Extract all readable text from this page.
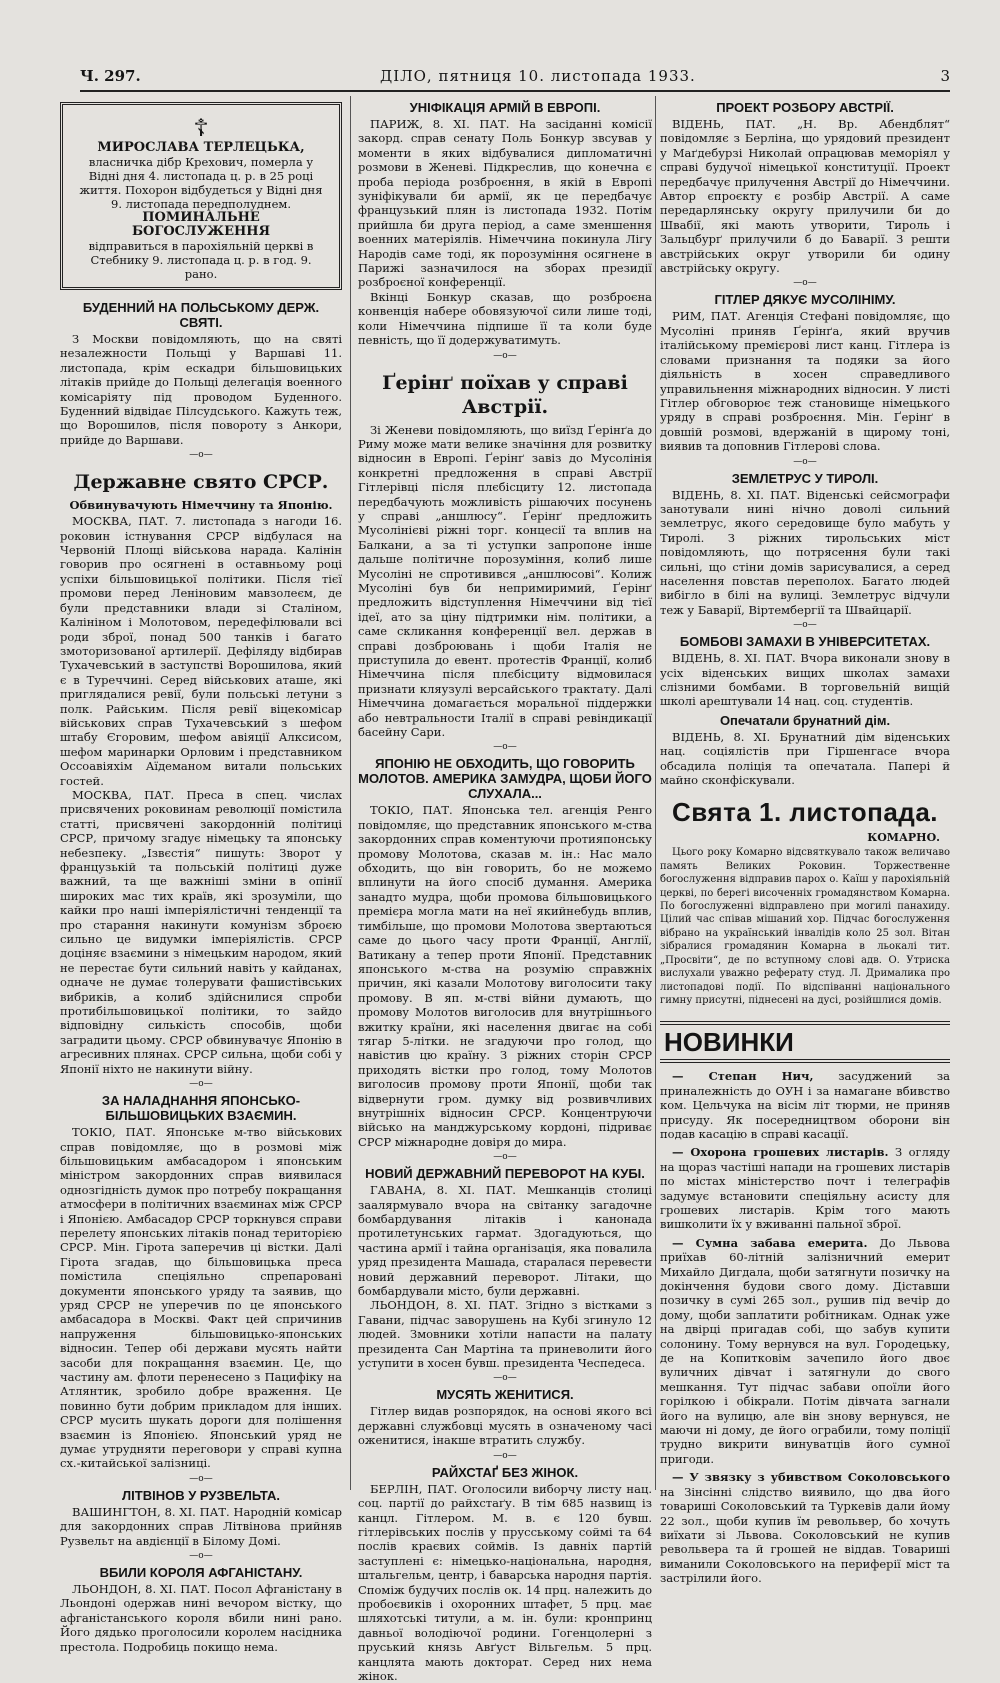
Ч. 297.	ДІЛО, пятниця 10. листопада 1933.	3
☦
МИРОСЛАВА ТЕРЛЕЦЬКА,
власничка дібр Крехович, померла у Відні дня 4. листопада ц. р. в 25 році життя. Похорон відбудеться у Відні дня 9. листопада передполуднем.
ПОМИНАЛЬНЕ БОГОСЛУЖЕННЯ
відправиться в парохіяльній церкві в Стебнику 9. листопада ц. р. в год. 9. рано.
БУДЕННИЙ НА ПОЛЬСЬКОМУ ДЕРЖ. СВЯТІ.

З Москви повідомляють, що на святі незалежности Польщі у Варшаві 11. листопада, крім ескадри більшовицьких літаків прийде до Польщі делегація военного комісаріяту під проводом Буденного. Буденний відвідає Пілсудського. Кажуть теж, що Ворошилов, після повороту з Анкори, прийде до Варшави.

—о—
Державне свято СРСР.
Обвинувачують Німеччину та Японію.

МОСКВА, ПАТ. 7. листопада з нагоди 16. роковин істнування СРСР відбулася на Червоній Площі військова нарада. Калінін говорив про осягнені в оставньому році успіхи більшовицької політики. Після тієї промови перед Леніновим мавзолеєм, де були представники влади зі Сталіном, Калініном і Молотовом, передефілювали всі роди зброї, понад 500 танків і багато змоторизованої артилерії. Дефіляду відбирав Тухачевський в заступстві Ворошилова, який є в Туреччині. Серед військових аташе, які приглядалися ревії, були польські летуни з полк. Райським. Після ревії віцекомісар військових справ Тухачевський з шефом штабу Єгоровим, шефом авіяції Алксисом, шефом маринарки Орловим і представником Оссоавіяхім Аїдеманом витали польських гостей.

МОСКВА, ПАТ. Преса в спец. числах присвячених роковинам революції помістила статті, присвячені закордонній політиці СРСР, причому згадує німецьку та японську небезпеку. „Ізвєстія“ пишуть: Зворот у французькій та польській політиці дуже важний, та ще важніші зміни в опінії широких мас тих країв, які зрозуміли, що кайки про наші імперіялістичні тенденції та про старання накинути комунізм зброєю сильно це видумки імперіялістів. СРСР доціняє взаємини з німецьким народом, який не перестає бути сильний навіть у кайданах, одначе не думає толерувати фашистівських вибриків, а колиб здійснилися спроби протибільшовицької політики, то зайдо відповідну силькість способів, щоби заградити цьому. СРСР обвинувачує Японію в агресивних плянах. СРСР сильна, щоби собі у Японії ніхто не накинути війну.

—о—
ЗА НАЛАДНАННЯ ЯПОНСЬКО-БІЛЬШОВИЦЬКИХ ВЗАЄМИН.

ТОКІО, ПАТ. Японське м-тво військових справ повідомляє, що в розмові між більшовицьким амбасадором і японським міністром закордонних справ виявилася однозгідність думок про потребу покращання атмосфери в політичних взаєминах між СРСР і Японією. Амбасадор СРСР торкнувся справи перелету японських літаків понад територією СРСР. Мін. Гірота заперечив ці вістки. Далі Гірота згадав, що більшовицька преса помістила спеціяльно спрепаровані документи японського уряду та заявив, що уряд СРСР не уперечив по це японського амбасадора в Москві. Факт цей спричинив напруження більшовицько-японських відносин. Тепер обі держави мусять найти засоби для покращання взаємин. Це, що частину ам. флоти перенесено з Пацифіку на Атлянтик, зробило добре враження. Це повинно бути добрим прикладом для інших. СРСР мусить шукать дороги для полішення взаємин із Японією. Японський уряд не думає утрудняти переговори у справі купна сх.-китайської залізниці.

—о—
ЛІТВІНОВ У РУЗВЕЛЬТА.

ВАШИНГТОН, 8. XI. ПАТ. Народній комісар для закордонних справ Літвінова прийняв Рузвельт на авдієнції в Білому Домі.

—о—
ВБИЛИ КОРОЛЯ АФГАНІСТАНУ.

ЛЬОНДОН, 8. XI. ПАТ. Посол Афганістану в Льондоні одержав нині вечором вістку, що афганістанського короля вбили нині рано. Його дядько проголосили королем насідника престола. Подробиць покищо нема.

УНІФІКАЦІЯ АРМІЙ В ЕВРОПІ.

ПАРИЖ, 8. XI. ПАТ. На засіданні комісії закорд. справ сенату Поль Бонкур звсував у моменти в яких відбувалися дипломатичні розмови в Женеві. Підкреслив, що конечна є проба періода розброєння, в якій в Европі зуніфікували би армії, як це передбачує французький плян із листопада 1932. Потім прийшла би друга період, а саме зменшення военних матеріялів. Німеччина покинула Лігу Народів саме тоді, як порозуміння осягнене в Парижі зазначилося на зборах президії розброєної конференції.

Вкінці Бонкур сказав, що розброєна конвенція набере обовязуючої сили лише тоді, коли Німеччина підпише її та коли буде певність, що її додержуватимуть.

—о—
Ґерінґ поїхав у справі Австрії.

Зі Женеви повідомляють, що виїзд Ґерінґа до Риму може мати велике значіння для розвитку відносин в Европі. Ґерінґ завіз до Мусолінія конкретні предложення в справі Австрії Гітлерівці після плєбісциту 12. листопада передбачують можливість рішаючих посунень у справі „аншлюсу“. Ґерінґ предложить Мусолінієві ріжні торг. концесії та вплив на Балкани, а за ті уступки запропоне інше дальше політичне порозуміння, колиб лише Мусоліні не спротивився „аншлюсові“. Колиж Мусоліні був би непримиримий, Ґерінґ предложить відступлення Німеччини від тієї ідеї, ато за ціну підтримки нім. політики, а саме скликання конференції вел. держав в справі дозброювань і щоби Італія не приступила до евент. протестів Франції, колиб Німеччина після плєбісциту відмовилася признати кляузулі версайського трактату. Далі Німеччина домагається моральної піддержки або невтральности Італії в справі ревіндикації басейну Сари.

—о—
ЯПОНІЮ НЕ ОБХОДИТЬ, ЩО ГОВОРИТЬ МОЛОТОВ. АМЕРИКА ЗАМУДРА, ЩОБИ ЙОГО СЛУХАЛА...

ТОКІО, ПАТ. Японська тел. агенція Ренго повідомляє, що представник японського м-ства закордонних справ коментуючи протияпонську промову Молотова, сказав м. ін.: Нас мало обходить, що він говорить, бо не можемо вплинути на його спосіб думання. Америка занадто мудра, щоби промова більшовицького премієра могла мати на неї якийнебудь вплив, тимбільше, що промови Молотова звертаються саме до цього часу проти Франції, Англії, Ватикану а тепер проти Японії. Представник японського м-ства на розумію справжніх причин, які казали Молотову виголосити таку промову. В яп. м-стві війни думають, що промову Молотов виголосив для внутрішнього вжитку країни, які населення двигає на собі тягар 5-літки. не згадуючи про голод, що навістив цю країну. З ріжних сторін СРСР приходять вістки про голод, тому Молотов виголосив промову проти Японії, щоби так відвернути гром. думку від розвивчливих внутрішніх відносин СРСР. Концентруючи військо на манджурському кордоні, підриває СРСР міжнародне довіря до мира.

—о—
НОВИЙ ДЕРЖАВНИЙ ПЕРЕВОРОТ НА КУБІ.

ГАВАНА, 8. XI. ПАТ. Мешканців столиці заалярмувало вчора на світанку загадочне бомбардування літаків і канонада протилетунських гармат. Здогадуються, що частина армії і тайна організація, яка повалила уряд президента Машада, старалася перевести новий державний переворот. Літаки, що бомбардували місто, були державні.

ЛЬОНДОН, 8. XI. ПАТ. Згідно з вістками з Гавани, підчас заворушень на Кубі згинуло 12 людей. Змовники хотіли напасти на палату президента Сан Мартіна та приневолити його уступити в хосен бувш. президента Чеспедеса.

—о—
МУСЯТЬ ЖЕНИТИСЯ.

Гітлер видав розпорядок, на основі якого всі державні службовці мусять в означеному часі оженитися, інакше втратить службу.

—о—
РАЙХСТАҐ БЕЗ ЖІНОК.

БЕРЛІН, ПАТ. Оголосили виборчу листу нац. соц. партії до райхстаґу. В тім 685 назвищ із канцл. Гітлером. М. в. є 120 бувш. гітлерівських послів у прусському соймі та 64 послів краєвих соймів. Із давніх партій заступлені є: німецько-національна, народня, штальгельм, центр, і баварська народня партія. Споміж будучих послів ок. 14 прц. належить до пробоєвиків і охоронних штафет, 5 прц. має шляхотські титули, а м. ін. були: кронпринц давньої володіючої родини. Гогенцолерні з пруський князь Авґуст Вільгельм. 5 прц. канцлята мають докторат. Серед них нема жінок.

ПРОЕКТ РОЗБОРУ АВСТРІЇ.

ВІДЕНЬ, ПАТ. „Н. Вр. Абендблят“ повідомляє з Берліна, що урядовий президент у Маґдебурзі Николай опрацював меморіял у справі будучої німецької конституції. Проект передбачує прилучення Австрії до Німеччини. Автор єпроєкту є розбір Австрії. А саме передарлянську округу прилучили би до Швабії, які мають утворити, Тироль і Зальцбурґ прилучили б до Баварії. З решти австрійських округ утворили би одину австрійську округу.

—о—
ГІТЛЕР ДЯКУЄ МУСОЛІНІМУ.

РИМ, ПАТ. Агенція Стефані повідомляє, що Мусоліні приняв Ґерінґа, який вручив італійському премієрові лист канц. Гітлера із словами признання та подяки за його діяльність в хосен справедливого управильнення міжнародних відносин. У листі Гітлер обговорює теж становище німецького уряду в справі розброєння. Мін. Ґерінґ в довшій розмові, вдержаній в щирому тоні, виявив та доповнив Гітлерові слова.

—о—
ЗЕМЛЕТРУС У ТИРОЛІ.

ВІДЕНЬ, 8. XI. ПАТ. Віденські сейсмографи занотували нині нічно доволі сильний землетрус, якого середовище було мабуть у Тиролі. З ріжних тирольських міст повідомляють, що потрясення були такі сильні, що стіни домів зарисувалися, а серед населення повстав переполох. Багато людей вибігло в білі на вулиці. Землетрус відчули теж у Баварії, Віртембергії та Швайцарії.

—о—
БОМБОВІ ЗАМАХИ В УНІВЕРСИТЕТАХ.

ВІДЕНЬ, 8. XI. ПАТ. Вчора виконали знову в усіх віденських вищих школах замахи слізними бомбами. В торговельній вищій школі арештували 14 нац. соц. студентів.

Опечатали брунатний дім.

ВІДЕНЬ, 8. XI. Брунатний дім віденських нац. соціялістів при Гіршенгасе вчора обсадила поліція та опечатала. Папері й майно сконфіскували.

Свята 1. листопада.
КОМАРНО.

Цього року Комарно відсвяткувало також величаво память Великих Роковин. Торжественне богослуження відправив парох о. Каїш у парохіяльній церкві, по берегі височенніх громадянством Комарна. По богослуженні відправлено при могилі панахиду. Цілий час співав мішаний хор. Підчас богослуження вібрано на український інвалідів коло 25 зол. Вітан зібралися громадянин Комарна в льокалі тит. „Просвіти“, де по вступному слові адв. О. Утриска вислухали уважно реферату студ. Л. Дрималика про листопадові події. По відспіванні національного гимну присутні, піднесені на дусі, розійшлися домів.

НОВИНКИ

— Степан Нич, засуджений за приналежність до ОУН і за намагане вбивство ком. Цельчука на вісім літ тюрми, не приняв присуду. Як посередництвом оборони він подав касацію в справі касації.

— Охорона грошевих листарів. З огляду на щораз частіші напади на грошевих листарів по містах міністерство почт і телеграфів задумує встановити спеціяльну асисту для грошевих листарів. Крім того мають вишколити їх у вживанні пальної зброї.

— Сумна забава емерита. До Львова приїхав 60-літній залізничний емерит Михайло Дигдала, щоби затягнути позичку на докінчення будови свого дому. Діставши позичку в сумі 265 зол., рушив під вечір до дому, щоби заплатити робітникам. Однак уже на двірці пригадав собі, що забув купити солонину. Тому вернувся на вул. Городецьку, де на Копитковім зачепило його двоє вуличних дівчат і затягнули до свого мешкання. Тут підчас забави опоїли його горілкою і обікрали. Потім дівчата загнали його на вулицю, але він знову вернувся, не маючи ні дому, де його ограбили, тому поліції трудно викрити винуватців його сумної пригоди.

— У звязку з убивством Соколовського на Зінсінні слідство виявило, що два його товариші Соколовський та Туркевів дали йому 22 зол., щоби купив їм револьвер, бо хочуть виїхати зі Львова. Соколовський не купив револьвера та й грошей не віддав. Товариші виманили Соколовського на периферії міст та застрілили його.
